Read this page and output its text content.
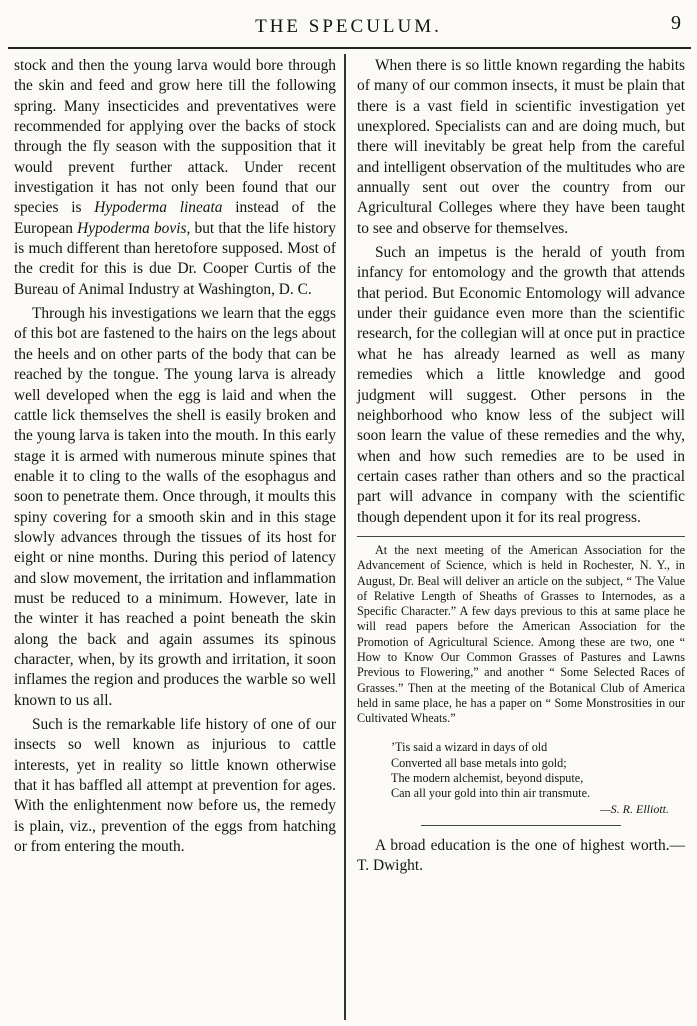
THE SPECULUM.	9

stock and then the young larva would bore through the skin and feed and grow here till the following spring. Many insecticides and preventatives were recommended for applying over the backs of stock through the fly season with the supposition that it would prevent further attack. Under recent investigation it has not only been found that our species is Hypoderma lineata instead of the European Hypoderma bovis, but that the life history is much different than heretofore supposed. Most of the credit for this is due Dr. Cooper Curtis of the Bureau of Animal Industry at Washington, D. C.

Through his investigations we learn that the eggs of this bot are fastened to the hairs on the legs about the heels and on other parts of the body that can be reached by the tongue. The young larva is already well developed when the egg is laid and when the cattle lick themselves the shell is easily broken and the young larva is taken into the mouth. In this early stage it is armed with numerous minute spines that enable it to cling to the walls of the esophagus and soon to penetrate them. Once through, it moults this spiny covering for a smooth skin and in this stage slowly advances through the tissues of its host for eight or nine months. During this period of latency and slow movement, the irritation and inflammation must be reduced to a minimum. However, late in the winter it has reached a point beneath the skin along the back and again assumes its spinous character, when, by its growth and irritation, it soon inflames the region and produces the warble so well known to us all.

Such is the remarkable life history of one of our insects so well known as injurious to cattle interests, yet in reality so little known otherwise that it has baffled all attempt at prevention for ages. With the enlightenment now before us, the remedy is plain, viz., prevention of the eggs from hatching or from entering the mouth.

When there is so little known regarding the habits of many of our common insects, it must be plain that there is a vast field in scientific investigation yet unexplored. Specialists can and are doing much, but there will inevitably be great help from the careful and intelligent observation of the multitudes who are annually sent out over the country from our Agricultural Colleges where they have been taught to see and observe for themselves.

Such an impetus is the herald of youth from infancy for entomology and the growth that attends that period. But Economic Entomology will advance under their guidance even more than the scientific research, for the collegian will at once put in practice what he has already learned as well as many remedies which a little knowledge and good judgment will suggest. Other persons in the neighborhood who know less of the subject will soon learn the value of these remedies and the why, when and how such remedies are to be used in certain cases rather than others and so the practical part will advance in company with the scientific though dependent upon it for its real progress.

At the next meeting of the American Association for the Advancement of Science, which is held in Rochester, N. Y., in August, Dr. Beal will deliver an article on the subject, “ The Value of Relative Length of Sheaths of Grasses to Internodes, as a Specific Character.” A few days previous to this at same place he will read papers before the American Association for the Promotion of Agricultural Science. Among these are two, one “ How to Know Our Common Grasses of Pastures and Lawns Previous to Flowering,” and another “ Some Selected Races of Grasses.” Then at the meeting of the Botanical Club of America held in same place, he has a paper on “ Some Monstrosities in our Cultivated Wheats.”

’Tis said a wizard in days of old
Converted all base metals into gold;
The modern alchemist, beyond dispute,
Can all your gold into thin air transmute.
—S. R. Elliott.

A broad education is the one of highest worth.—T. Dwight.
